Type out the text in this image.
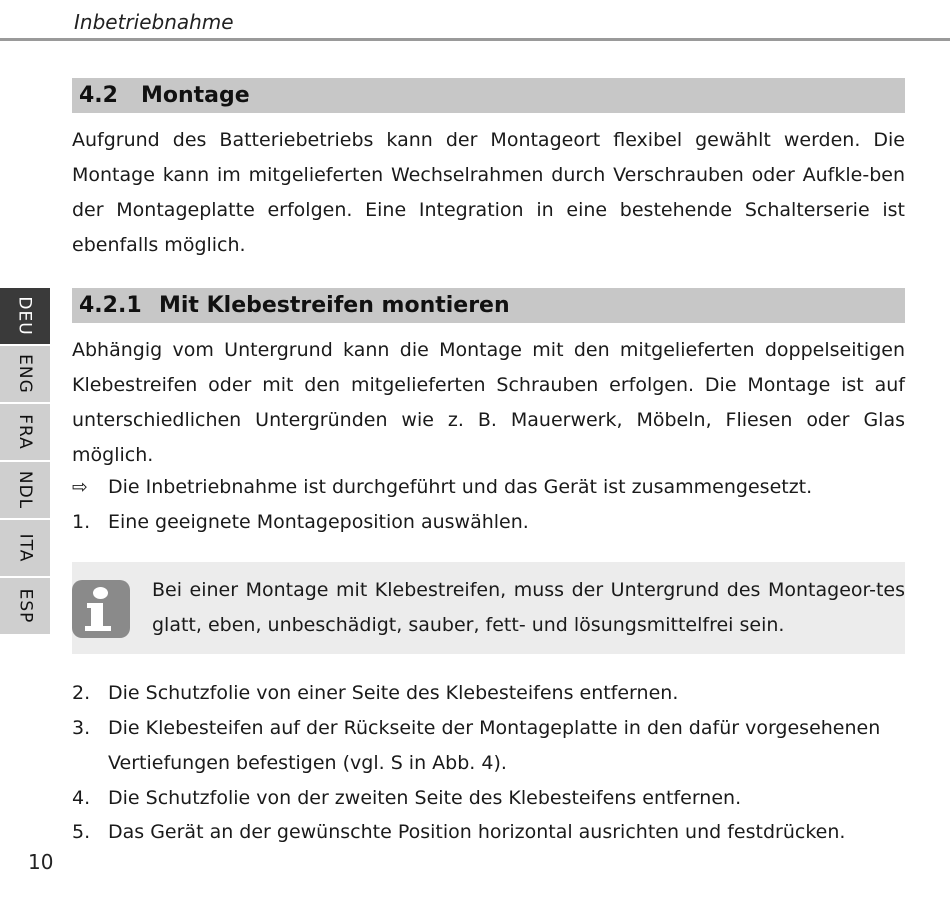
Inbetriebnahme
4.2 Montage

Aufgrund des Batteriebetriebs kann der Montageort flexibel gewählt werden. Die Montage kann im mitgelieferten Wechselrahmen durch Verschrauben oder Aufkle-ben der Montageplatte erfolgen. Eine Integration in eine bestehende Schalterserie ist ebenfalls möglich.

DEU
ENG
FRA
NDL
ITA
ESP
4.2.1 Mit Klebestreifen montieren

Abhängig vom Untergrund kann die Montage mit den mitgelieferten doppelseitigen Klebestreifen oder mit den mitgelieferten Schrauben erfolgen. Die Montage ist auf unterschiedlichen Untergründen wie z. B. Mauerwerk, Möbeln, Fliesen oder Glas möglich.

⇨	Die Inbetriebnahme ist durchgeführt und das Gerät ist zusammengesetzt.
1. Eine geeignete Montageposition auswählen.
Bei einer Montage mit Klebestreifen, muss der Untergrund des Montageor-tes glatt, eben, unbeschädigt, sauber, fett- und lösungsmittelfrei sein.
2. Die Schutzfolie von einer Seite des Klebesteifens entfernen.
3. Die Klebesteifen auf der Rückseite der Montageplatte in den dafür vorgesehenen Vertiefungen befestigen (vgl. S in Abb. 4).
4. Die Schutzfolie von der zweiten Seite des Klebesteifens entfernen.
5. Das Gerät an der gewünschte Position horizontal ausrichten und festdrücken.
10
